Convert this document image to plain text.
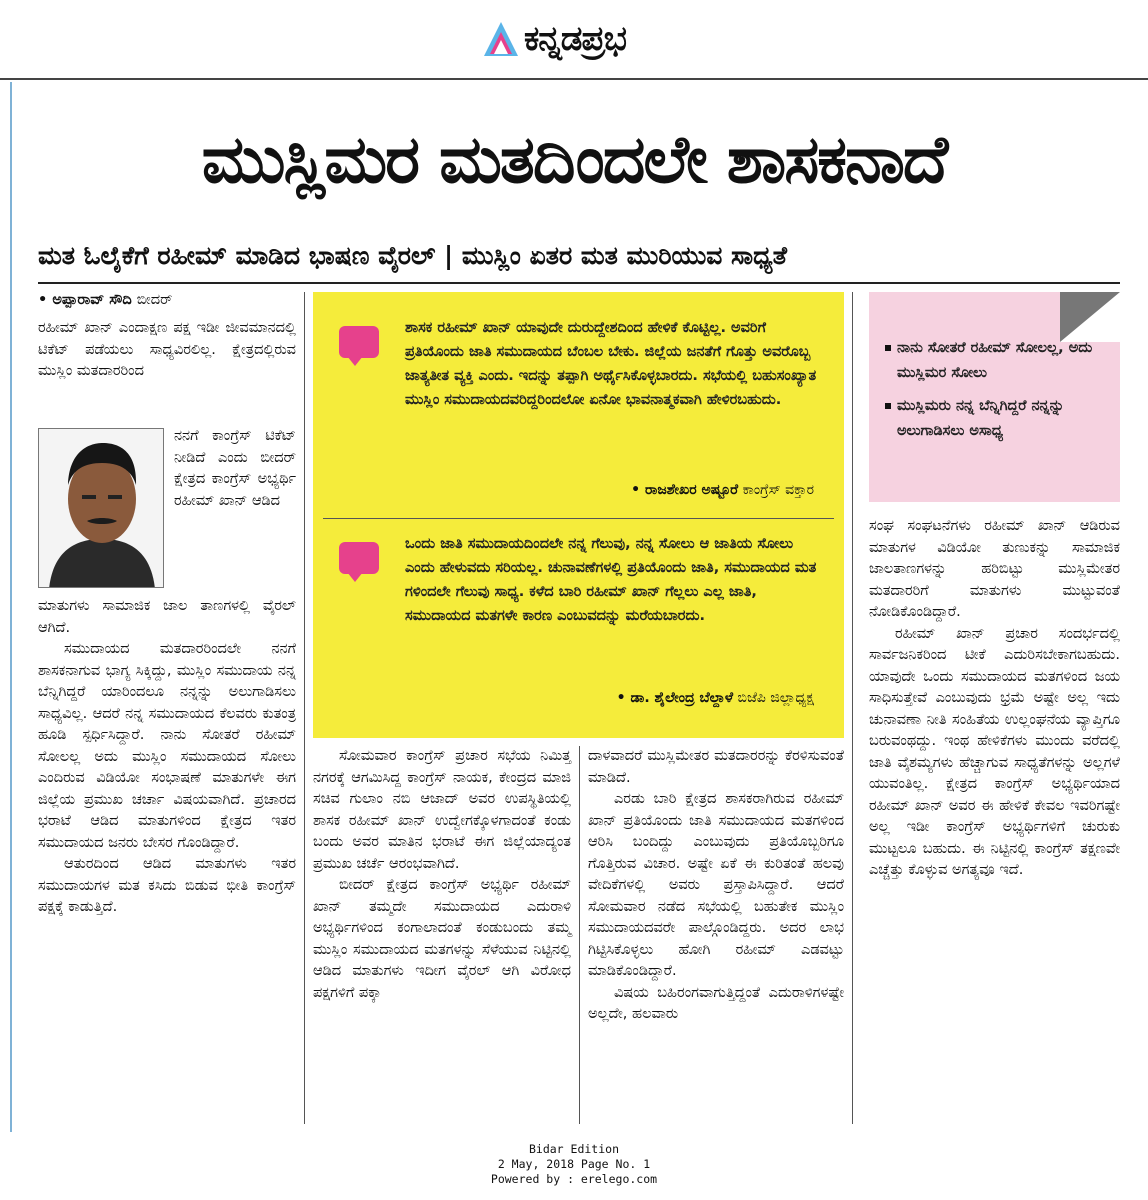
ಕನ್ನಡಪ್ರಭ
ಮುಸ್ಲಿಮರ ಮತದಿಂದಲೇ ಶಾಸಕನಾದೆ
ಮತ ಓಲೈಕೆಗೆ ರಹೀಮ್ ಮಾಡಿದ ಭಾಷಣ ವೈರಲ್ | ಮುಸ್ಲಿಂ ಏತರ ಮತ ಮುರಿಯುವ ಸಾಧ್ಯತೆ
• ಅಪ್ಪಾರಾವ್ ಸೌದಿ ಬೀದರ್

ರಹೀಮ್ ಖಾನ್ ಎಂದಾಕ್ಷಣ ಪಕ್ಷ ಇಡೀ ಜೀವಮಾನದಲ್ಲಿ ಟಿಕೆಟ್ ಪಡೆಯಲು ಸಾಧ್ಯವಿರಲಿಲ್ಲ. ಕ್ಷೇತ್ರದಲ್ಲಿರುವ ಮುಸ್ಲಿಂ ಮತದಾರರಿಂದ

ನನಗೆ ಕಾಂಗ್ರೆಸ್ ಟಿಕೆಟ್ ನೀಡಿದೆ ಎಂದು ಬೀದರ್ ಕ್ಷೇತ್ರದ ಕಾಂಗ್ರೆಸ್ ಅಭ್ಯರ್ಥಿ ರಹೀಮ್ ಖಾನ್ ಆಡಿದ

ಮಾತುಗಳು ಸಾಮಾಜಿಕ ಜಾಲ ತಾಣಗಳಲ್ಲಿ ವೈರಲ್ ಆಗಿದೆ.

ಸಮುದಾಯದ ಮತದಾರರಿಂದಲೇ ನನಗೆ ಶಾಸಕನಾಗುವ ಭಾಗ್ಯ ಸಿಕ್ಕಿದ್ದು, ಮುಸ್ಲಿಂ ಸಮುದಾಯ ನನ್ನ ಬೆನ್ನಿಗಿದ್ದರೆ ಯಾರಿಂದಲೂ ನನ್ನನ್ನು ಅಲುಗಾಡಿಸಲು ಸಾಧ್ಯವಿಲ್ಲ. ಆದರೆ ನನ್ನ ಸಮುದಾಯದ ಕೆಲವರು ಕುತಂತ್ರ ಹೂಡಿ ಸ್ಪರ್ಧಿಸಿದ್ದಾರೆ. ನಾನು ಸೋತರೆ ರಹೀಮ್ ಸೋಲಲ್ಲ ಅದು ಮುಸ್ಲಿಂ ಸಮುದಾಯದ ಸೋಲು ಎಂದಿರುವ ವಿಡಿಯೋ ಸಂಭಾಷಣೆ ಮಾತುಗಳೇ ಈಗ ಜಿಲ್ಲೆಯ ಪ್ರಮುಖ ಚರ್ಚಾ ವಿಷಯವಾಗಿದೆ. ಪ್ರಚಾರದ ಭರಾಟೆ ಆಡಿದ ಮಾತುಗಳಿಂದ ಕ್ಷೇತ್ರದ ಇತರ ಸಮುದಾಯದ ಜನರು ಬೇಸರ ಗೊಂಡಿದ್ದಾರೆ.

ಆತುರದಿಂದ ಆಡಿದ ಮಾತುಗಳು ಇತರ ಸಮುದಾಯಗಳ ಮತ ಕಸಿದು ಬಿಡುವ ಭೀತಿ ಕಾಂಗ್ರೆಸ್ ಪಕ್ಷಕ್ಕೆ ಕಾಡುತ್ತಿದೆ.

ಶಾಸಕ ರಹೀಮ್ ಖಾನ್ ಯಾವುದೇ ದುರುದ್ದೇಶದಿಂದ ಹೇಳಿಕೆ ಕೊಟ್ಟಿಲ್ಲ. ಅವರಿಗೆ ಪ್ರತಿಯೊಂದು ಜಾತಿ ಸಮುದಾಯದ ಬೆಂಬಲ ಬೇಕು. ಜಿಲ್ಲೆಯ ಜನತೆಗೆ ಗೊತ್ತು ಅವರೊಬ್ಬ ಜಾತ್ಯತೀತ ವ್ಯಕ್ತಿ ಎಂದು. ಇದನ್ನು ತಪ್ಪಾಗಿ ಅರ್ಥೈಸಿಕೊಳ್ಳಬಾರದು. ಸಭೆಯಲ್ಲಿ ಬಹುಸಂಖ್ಯಾತ ಮುಸ್ಲಿಂ ಸಮುದಾಯದವರಿದ್ದರಿಂದಲೋ ಏನೋ ಭಾವನಾತ್ಮಕವಾಗಿ ಹೇಳಿರಬಹುದು.
• ರಾಜಶೇಖರ ಅಷ್ಟೂರೆ ಕಾಂಗ್ರೆಸ್ ವಕ್ತಾರ
ಒಂದು ಜಾತಿ ಸಮುದಾಯದಿಂದಲೇ ನನ್ನ ಗೆಲುವು, ನನ್ನ ಸೋಲು ಆ ಜಾತಿಯ ಸೋಲು ಎಂದು ಹೇಳುವದು ಸರಿಯಲ್ಲ. ಚುನಾವಣೆಗಳಲ್ಲಿ ಪ್ರತಿಯೊಂದು ಜಾತಿ, ಸಮುದಾಯದ ಮತ ಗಳಿಂದಲೇ ಗೆಲುವು ಸಾಧ್ಯ. ಕಳೆದ ಬಾರಿ ರಹೀಮ್ ಖಾನ್ ಗೆಲ್ಲಲು ಎಲ್ಲ ಜಾತಿ, ಸಮುದಾಯದ ಮತಗಳೇ ಕಾರಣ ಎಂಬುವದನ್ನು ಮರೆಯಬಾರದು.
• ಡಾ. ಶೈಲೇಂದ್ರ ಬೆಲ್ದಾಳೆ ಬಿಜೆಪಿ ಜಿಲ್ಲಾಧ್ಯಕ್ಷ
ನಾನು ಸೋತರೆ ರಹೀಮ್ ಸೋಲಲ್ಲ, ಅದು ಮುಸ್ಲಿಮರ ಸೋಲು
ಮುಸ್ಲಿಮರು ನನ್ನ ಬೆನ್ನಿಗಿದ್ದರೆ ನನ್ನನ್ನು ಅಲುಗಾಡಿಸಲು ಅಸಾಧ್ಯ

ಸೋಮವಾರ ಕಾಂಗ್ರೆಸ್ ಪ್ರಚಾರ ಸಭೆಯ ನಿಮಿತ್ತ ನಗರಕ್ಕೆ ಆಗಮಿಸಿದ್ದ ಕಾಂಗ್ರೆಸ್ ನಾಯಕ, ಕೇಂದ್ರದ ಮಾಜಿ ಸಚಿವ ಗುಲಾಂ ನಬಿ ಆಜಾದ್ ಅವರ ಉಪಸ್ಥಿತಿಯಲ್ಲಿ ಶಾಸಕ ರಹೀಮ್ ಖಾನ್ ಉದ್ವೇಗಕ್ಕೊಳಗಾದಂತೆ ಕಂಡು ಬಂದು ಅವರ ಮಾತಿನ ಭರಾಟೆ ಈಗ ಜಿಲ್ಲೆಯಾದ್ಯಂತ ಪ್ರಮುಖ ಚರ್ಚೆ ಆರಂಭವಾಗಿದೆ.

ಬೀದರ್ ಕ್ಷೇತ್ರದ ಕಾಂಗ್ರೆಸ್ ಅಭ್ಯರ್ಥಿ ರಹೀಮ್ ಖಾನ್ ತಮ್ಮದೇ ಸಮುದಾಯದ ಎದುರಾಳಿ ಅಭ್ಯರ್ಥಿಗಳಿಂದ ಕಂಗಾಲಾದಂತೆ ಕಂಡುಬಂದು ತಮ್ಮ ಮುಸ್ಲಿಂ ಸಮುದಾಯದ ಮತಗಳನ್ನು ಸೆಳೆಯುವ ನಿಟ್ಟಿನಲ್ಲಿ ಆಡಿದ ಮಾತುಗಳು ಇದೀಗ ವೈರಲ್ ಆಗಿ ವಿರೋಧ ಪಕ್ಷಗಳಿಗೆ ಪಕ್ಕಾ

ದಾಳವಾದರೆ ಮುಸ್ಲಿಮೇತರ ಮತದಾರರನ್ನು ಕೆರಳಿಸುವಂತೆ ಮಾಡಿದೆ.

ಎರಡು ಬಾರಿ ಕ್ಷೇತ್ರದ ಶಾಸಕರಾಗಿರುವ ರಹೀಮ್ ಖಾನ್ ಪ್ರತಿಯೊಂದು ಜಾತಿ ಸಮುದಾಯದ ಮತಗಳಿಂದ ಆರಿಸಿ ಬಂದಿದ್ದು ಎಂಬುವುದು ಪ್ರತಿಯೊಬ್ಬರಿಗೂ ಗೊತ್ತಿರುವ ವಿಚಾರ. ಅಷ್ಟೇ ಏಕೆ ಈ ಕುರಿತಂತೆ ಹಲವು ವೇದಿಕೆಗಳಲ್ಲಿ ಅವರು ಪ್ರಸ್ತಾಪಿಸಿದ್ದಾರೆ. ಆದರೆ ಸೋಮವಾರ ನಡೆದ ಸಭೆಯಲ್ಲಿ ಬಹುತೇಕ ಮುಸ್ಲಿಂ ಸಮುದಾಯದವರೇ ಪಾಲ್ಗೊಂಡಿದ್ದರು. ಅದರ ಲಾಭ ಗಿಟ್ಟಿಸಿಕೊಳ್ಳಲು ಹೋಗಿ ರಹೀಮ್ ಎಡವಟ್ಟು ಮಾಡಿಕೊಂಡಿದ್ದಾರೆ.

ವಿಷಯ ಬಹಿರಂಗವಾಗುತ್ತಿದ್ದಂತೆ ಎದುರಾಳಿಗಳಷ್ಟೇ ಅಲ್ಲದೇ, ಹಲವಾರು

ಸಂಘ ಸಂಘಟನೆಗಳು ರಹೀಮ್ ಖಾನ್ ಆಡಿರುವ ಮಾತುಗಳ ವಿಡಿಯೋ ತುಣುಕನ್ನು ಸಾಮಾಜಿಕ ಜಾಲತಾಣಗಳನ್ನು ಹರಿಬಿಟ್ಟು ಮುಸ್ಲಿಮೇತರ ಮತದಾರರಿಗೆ ಮಾತುಗಳು ಮುಟ್ಟುವಂತೆ ನೋಡಿಕೊಂಡಿದ್ದಾರೆ.

ರಹೀಮ್ ಖಾನ್ ಪ್ರಚಾರ ಸಂದರ್ಭದಲ್ಲಿ ಸಾರ್ವಜನಿಕರಿಂದ ಟೀಕೆ ಎದುರಿಸಬೇಕಾಗಬಹುದು. ಯಾವುದೇ ಒಂದು ಸಮುದಾಯದ ಮತಗಳಿಂದ ಜಯ ಸಾಧಿಸುತ್ತೇವೆ ಎಂಬುವುದು ಭ್ರಮೆ ಅಷ್ಟೇ ಅಲ್ಲ ಇದು ಚುನಾವಣಾ ನೀತಿ ಸಂಹಿತೆಯ ಉಲ್ಲಂಘನೆಯ ವ್ಯಾಪ್ತಿಗೂ ಬರುವಂಥದ್ದು. ಇಂಥ ಹೇಳಿಕೆಗಳು ಮುಂದು ವರೆದಲ್ಲಿ ಜಾತಿ ವೈಶಮ್ಯಗಳು ಹೆಚ್ಚಾಗುವ ಸಾಧ್ಯತೆಗಳನ್ನು ಅಲ್ಲಗಳೆ ಯುವಂತಿಲ್ಲ. ಕ್ಷೇತ್ರದ ಕಾಂಗ್ರೆಸ್ ಅಭ್ಯರ್ಥಿಯಾದ ರಹೀಮ್ ಖಾನ್ ಅವರ ಈ ಹೇಳಿಕೆ ಕೇವಲ ಇವರಿಗಷ್ಟೇ ಅಲ್ಲ ಇಡೀ ಕಾಂಗ್ರೆಸ್ ಅಭ್ಯರ್ಥಿಗಳಿಗೆ ಚುರುಕು ಮುಟ್ಟಲೂ ಬಹುದು. ಈ ನಿಟ್ಟಿನಲ್ಲಿ ಕಾಂಗ್ರೆಸ್ ತಕ್ಷಣವೇ ಎಚ್ಚೆತ್ತು ಕೊಳ್ಳುವ ಅಗತ್ಯವೂ ಇದೆ.

Bidar Edition
2 May, 2018 Page No. 1
Powered by : erelego.com
